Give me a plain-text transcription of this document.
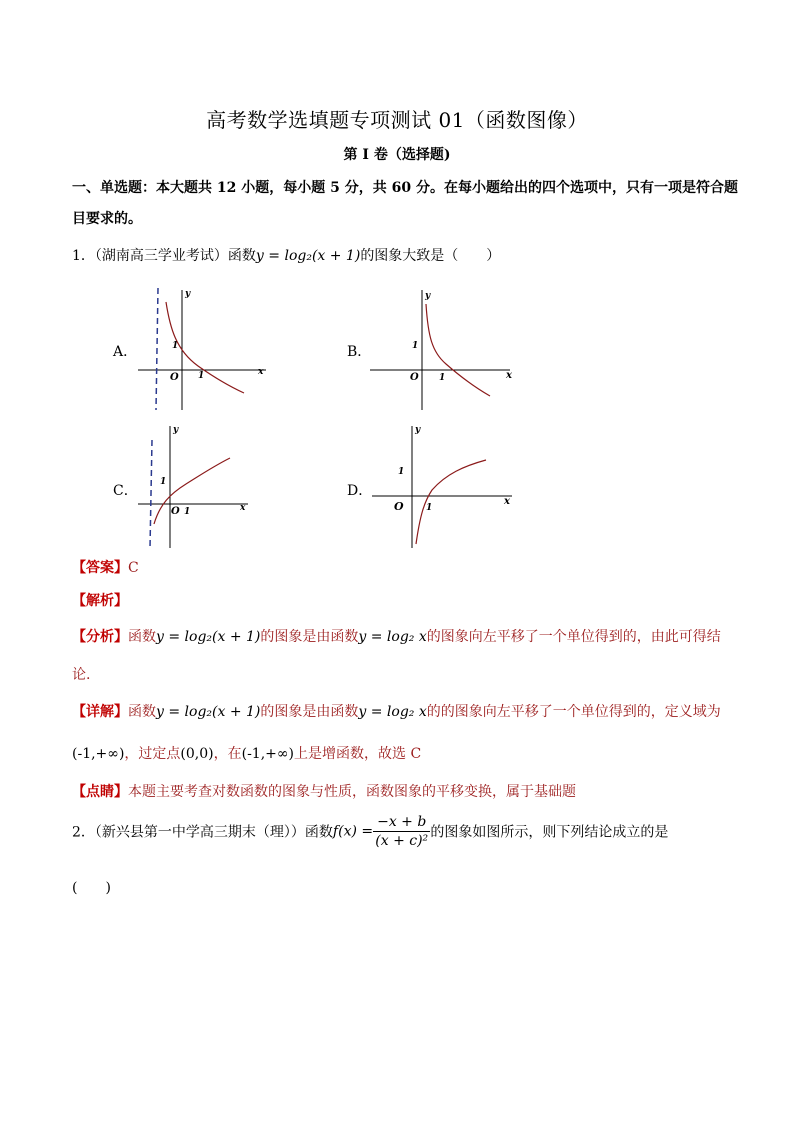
高考数学选填题专项测试 01（函数图像）
第 I 卷（选择题)
一、单选题：本大题共 12 小题，每小题 5 分，共 60 分。在每小题给出的四个选项中，只有一项是符合题
目要求的。
1．（湖南高三学业考试）函数y = log₂(x + 1)的图象大致是（　　）
A．	B．
C．	D．
y
x
O
1
1
y
x
O
1
1
y
x
O
1
1
y
x
O
1
1
【答案】C
【解析】
【分析】函数y = log₂(x + 1)的图象是由函数y = log₂ x的图象向左平移了一个单位得到的，由此可得结
论.
【详解】函数y = log₂(x + 1)的图象是由函数y = log₂ x的的图象向左平移了一个单位得到的，定义域为
(-1,+∞)，过定点(0,0)，在(-1,+∞)上是增函数，故选 C
【点睛】本题主要考查对数函数的图象与性质，函数图象的平移变换，属于基础题
2．（新兴县第一中学高三期末（理））函数$f(x) = \frac{-x + b}{\text{(x + c)²}}$ 的图象如图所示，则下列结论成立的是
(　　)
